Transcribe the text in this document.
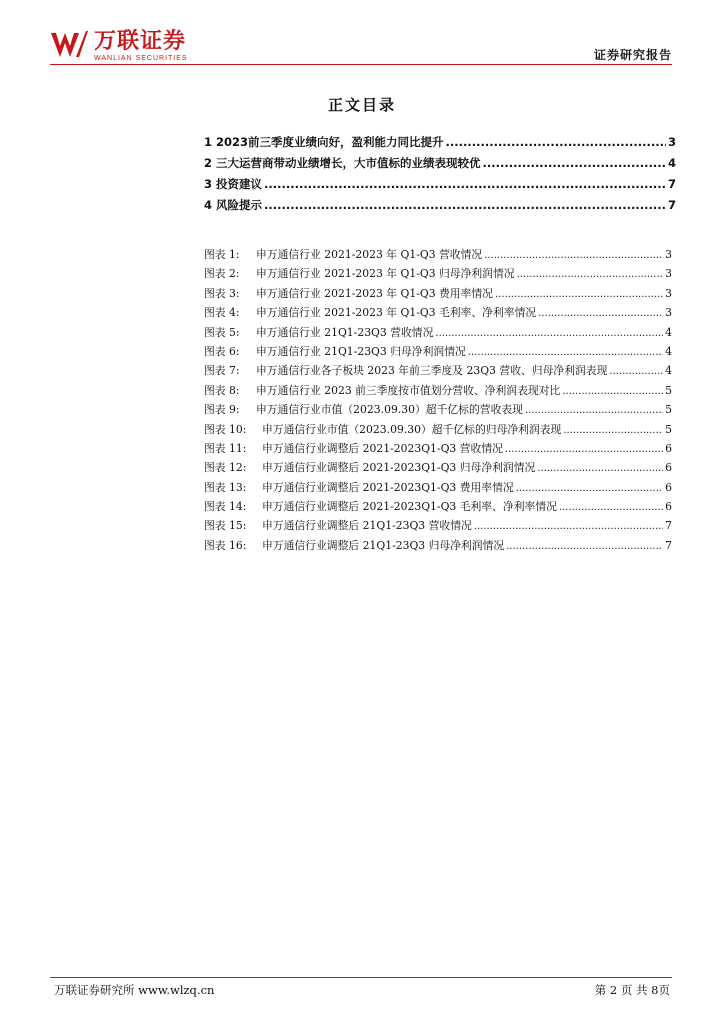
万联证券
WANLIAN SECURITIES	证券研究报告
正文目录
1 2023前三季度业绩向好，盈利能力同比提升 .....	3
2 三大运营商带动业绩增长，大市值标的业绩表现较优 .....	4
3 投资建议 .....	7
4 风险提示 .....	7
图表 1:	申万通信行业 2021-2023 年 Q1-Q3 营收情况 .....	3
图表 2:	申万通信行业 2021-2023 年 Q1-Q3 归母净利润情况 .....	3
图表 3:	申万通信行业 2021-2023 年 Q1-Q3 费用率情况 .....	3
图表 4:	申万通信行业 2021-2023 年 Q1-Q3 毛利率、净利率情况 .....	3
图表 5:	申万通信行业 21Q1-23Q3 营收情况 .....	4
图表 6:	申万通信行业 21Q1-23Q3 归母净利润情况 .....	4
图表 7:	申万通信行业各子板块 2023 年前三季度及 23Q3 营收、归母净利润表现 .....	4
图表 8:	申万通信行业 2023 前三季度按市值划分营收、净利润表现对比 .....	5
图表 9:	申万通信行业市值（2023.09.30）超千亿标的营收表现 .....	5
图表 10:	申万通信行业市值（2023.09.30）超千亿标的归母净利润表现 .....	5
图表 11:	申万通信行业调整后 2021-2023Q1-Q3 营收情况 .....	6
图表 12:	申万通信行业调整后 2021-2023Q1-Q3 归母净利润情况 .....	6
图表 13:	申万通信行业调整后 2021-2023Q1-Q3 费用率情况 .....	6
图表 14:	申万通信行业调整后 2021-2023Q1-Q3 毛利率、净利率情况 .....	6
图表 15:	申万通信行业调整后 21Q1-23Q3 营收情况 .....	7
图表 16:	申万通信行业调整后 21Q1-23Q3 归母净利润情况 .....	7
万联证券研究所 www.wlzq.cn	第 2 页 共 8页
